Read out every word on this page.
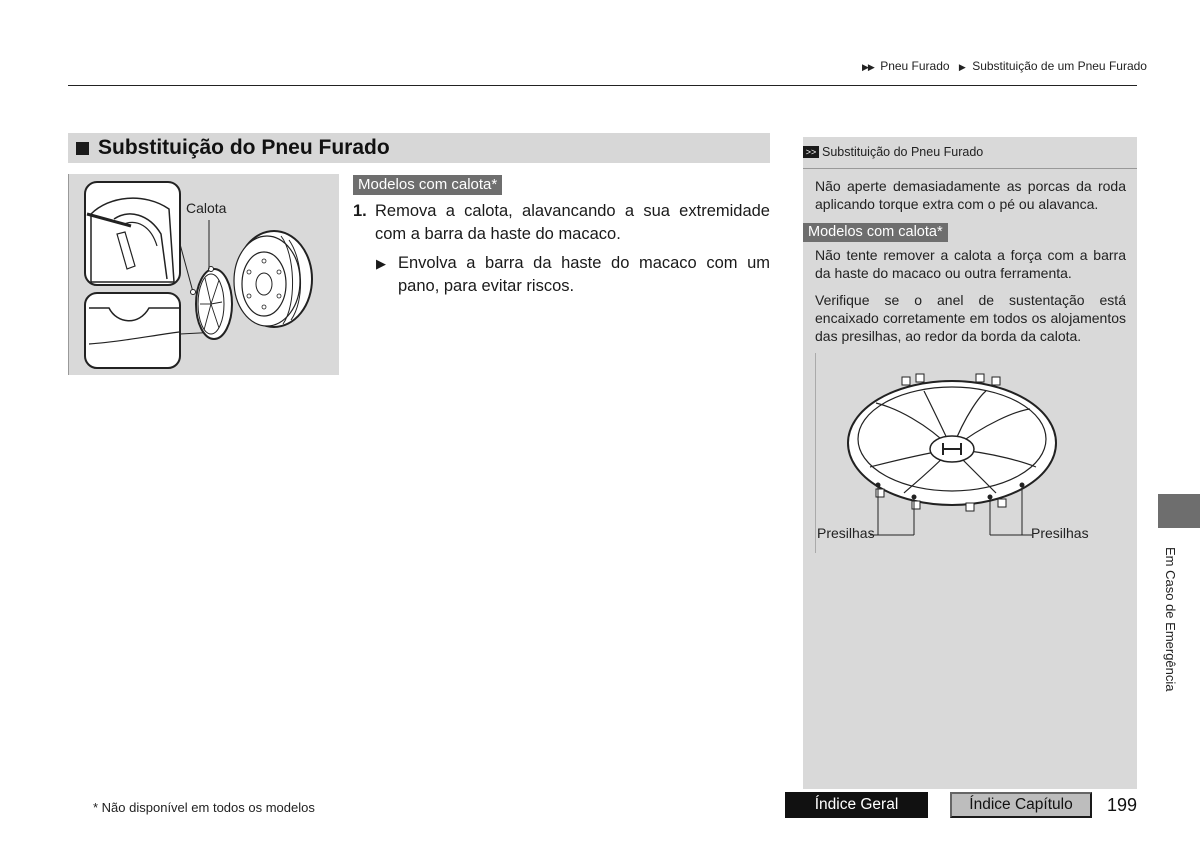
▶▶ Pneu Furado ▶ Substituição de um Pneu Furado
Substituição do Pneu Furado
Calota
Modelos com calota*
1. Remova a calota, alavancando a sua extremidade com a barra da haste do macaco.
▶ Envolva a barra da haste do macaco com um pano, para evitar riscos.
>> Substituição do Pneu Furado
Não aperte demasiadamente as porcas da roda aplicando torque extra com o pé ou alavanca.
Modelos com calota*
Não tente remover a calota a força com a barra da haste do macaco ou outra ferramenta.
Verifique se o anel de sustentação está encaixado corretamente em todos os alojamentos das presilhas, ao redor da borda da calota.
Presilhas	Presilhas
Em Caso de Emergência
* Não disponível em todos os modelos	Índice Geral	Índice Capítulo	199
